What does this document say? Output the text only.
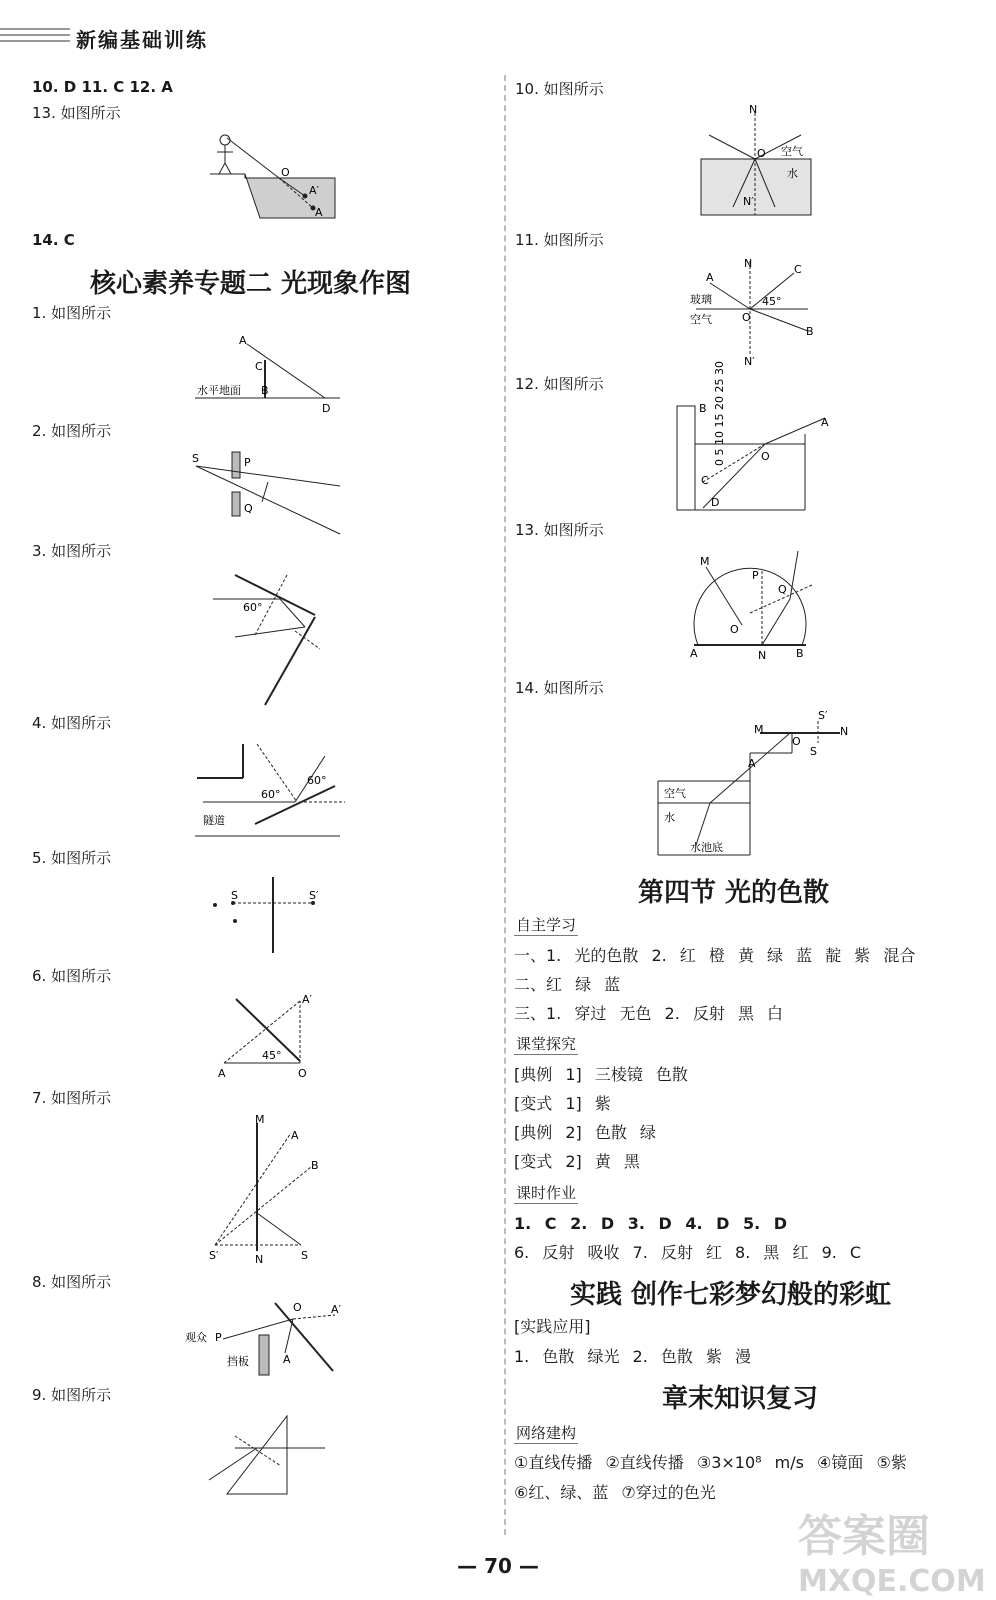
新编基础训练
10. D 11. C 12. A
13. 如图所示
O
A′
A
14. C
核心素养专题二 光现象作图
1. 如图所示
A
C
B
D
水平地面
2. 如图所示
S	P
Q
3. 如图所示
60°
4. 如图所示
60°
60°
隧道
5. 如图所示
S	S′
6. 如图所示
A′
45°
A	O
7. 如图所示
M
A
B
S′	N	S
8. 如图所示
O	A′
观众 P
挡板	A
9. 如图所示
10. 如图所示
N
O 空气
水
N′
11. 如图所示
A
N	C
玻璃	45°
空气	O
B
N′
12. 如图所示	0 5 10 15 20 25 30
B
A
O
C
D
13. 如图所示
M
P
Q
O
A	N	B
14. 如图所示
M
S′
N
O
S
A
空气
水
水池底
第四节 光的色散
自主学习
一、1. 光的色散 2. 红 橙 黄 绿 蓝 靛 紫 混合
二、红 绿 蓝
三、1. 穿过 无色 2. 反射 黑 白
课堂探究
[典例 1] 三棱镜 色散
[变式 1] 紫
[典例 2] 色散 绿
[变式 2] 黄 黑
课时作业
1. C 2. D 3. D 4. D 5. D
6. 反射 吸收 7. 反射 红 8. 黑 红 9. C
实践 创作七彩梦幻般的彩虹
[实践应用]
1. 色散 绿光 2. 色散 紫 漫
章末知识复习
网络建构
①直线传播 ②直线传播 ③3×10⁸ m/s ④镜面 ⑤紫
⑥红、绿、蓝 ⑦穿过的色光
— 70 —
答案圈
MXQE.COM
